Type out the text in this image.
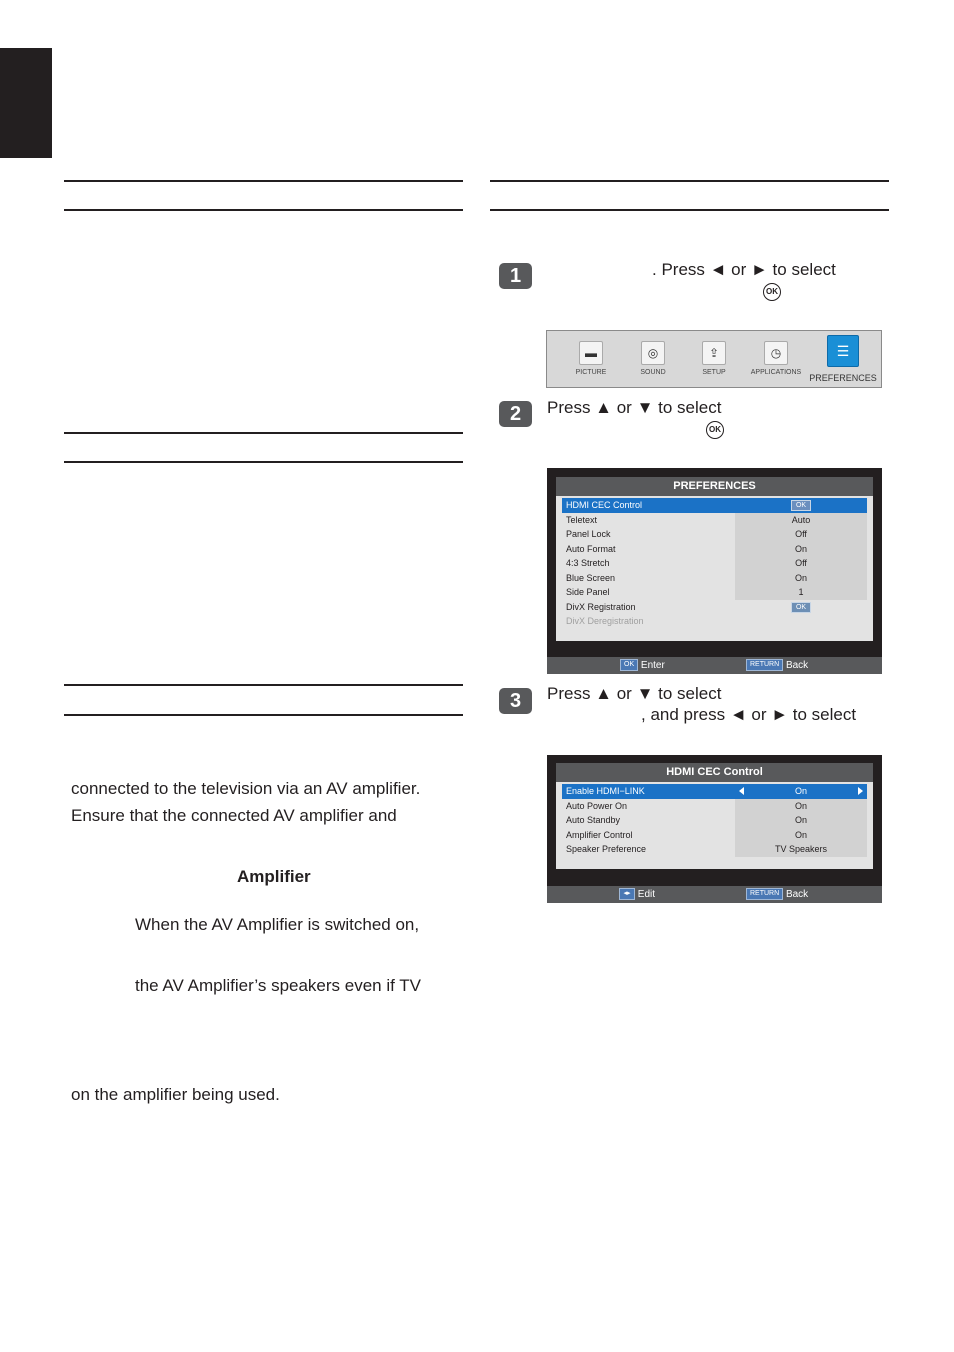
connected to the television via an AV amplifier.
Ensure that the connected AV amplifier and
Amplifier
When the AV Amplifier is switched on,
the AV Amplifier’s speakers even if TV
on the amplifier being used.
1	. Press ◄ or ► to select
OK
▬
PICTURE
◎
SOUND
⇪
SETUP
◷
APPLICATIONS
☰
PREFERENCES
2	Press ▲ or ▼ to select
OK
PREFERENCES
HDMI CEC Control	OK
Teletext	Auto
Panel Lock	Off
Auto Format	On
4:3 Stretch	Off
Blue Screen	On
Side Panel	1
DivX Registration	OK
DivX Deregistration
OK Enter	RETURN Back
3	Press ▲ or ▼ to select
, and press ◄ or ► to select
HDMI CEC Control
Enable HDMI−LINK	On
Auto Power On	On
Auto Standby	On
Amplifier Control	On
Speaker Preference	TV Speakers
◂▸ Edit	RETURN Back
